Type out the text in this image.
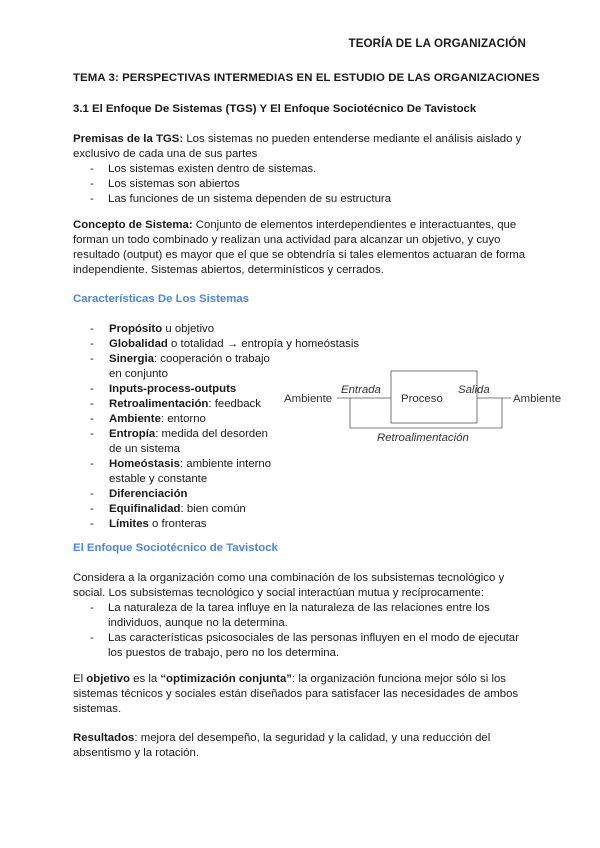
TEORÍA DE LA ORGANIZACIÓN
TEMA 3: PERSPECTIVAS INTERMEDIAS EN EL ESTUDIO DE LAS ORGANIZACIONES
3.1 El Enfoque De Sistemas (TGS) Y El Enfoque Sociotécnico De Tavistock

Premisas de la TGS: Los sistemas no pueden entenderse mediante el análisis aislado y exclusivo de cada una de sus partes

- Los sistemas existen dentro de sistemas.
- Los sistemas son abiertos
- Las funciones de un sistema dependen de su estructura

Concepto de Sistema: Conjunto de elementos interdependientes e interactuantes, que forman un todo combinado y realizan una actividad para alcanzar un objetivo, y cuyo resultado (output) es mayor que el que se obtendría si tales elementos actuaran de forma independiente. Sistemas abiertos, determinísticos y cerrados.

Características De Los Sistemas
- Propósito u objetivo
- Globalidad o totalidad → entropía y homeóstasis
- Sinergia: cooperación o trabajo en conjunto
- Inputs-process-outputs
- Retroalimentación: feedback
- Ambiente: entorno
- Entropía: medida del desorden de un sistema
- Homeóstasis: ambiente interno estable y constante
- Diferenciación
- Equifinalidad: bien común
- Límites o fronteras
Ambiente
Entrada
Proceso
Salida
Ambiente
Retroalimentación
El Enfoque Sociotécnico de Tavistock

Considera a la organización como una combinación de los subsistemas tecnológico y social. Los subsistemas tecnológico y social interactúan mutua y recíprocamente:

- La naturaleza de la tarea influye en la naturaleza de las relaciones entre los individuos, aunque no la determina.
- Las características psicosociales de las personas influyen en el modo de ejecutar los puestos de trabajo, pero no los determina.

El objetivo es la “optimización conjunta”: la organización funciona mejor sólo si los sistemas técnicos y sociales están diseñados para satisfacer las necesidades de ambos sistemas.

Resultados: mejora del desempeño, la seguridad y la calidad, y una reducción del absentismo y la rotación.
